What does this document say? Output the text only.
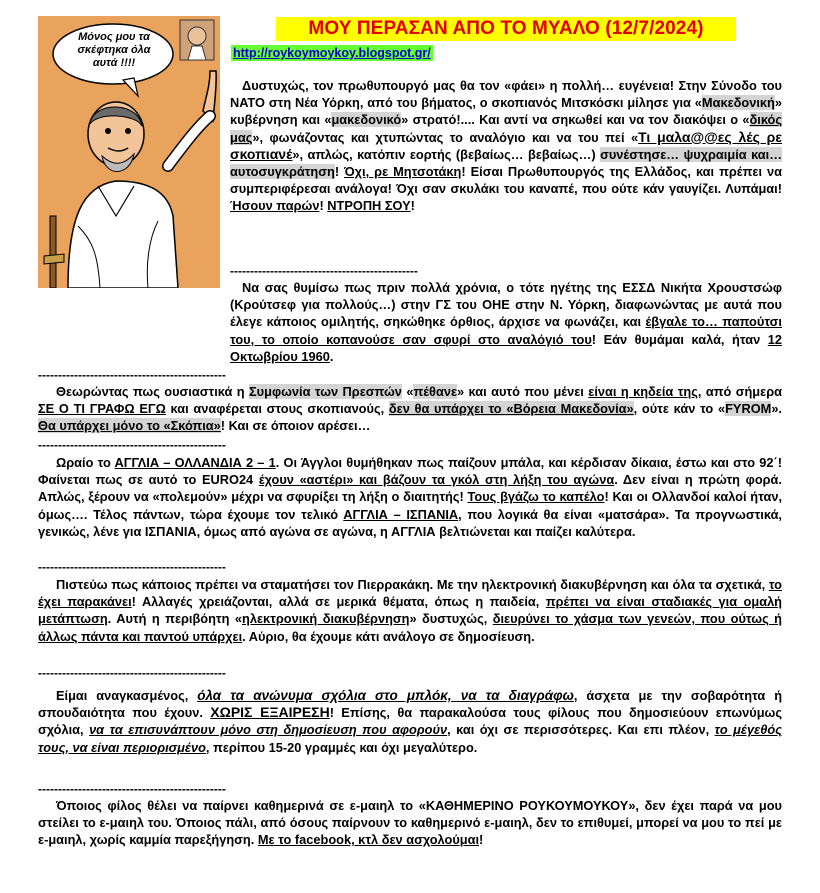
Μόνος μου τα σκέφτηκα όλα αυτά !!!!
ΜΟΥ ΠΕΡΑΣΑΝ ΑΠΟ ΤΟ ΜΥΑΛΟ (12/7/2024)
http://roykoymoykoy.blogspot.gr/
Δυστυχώς, τον πρωθυπουργό μας θα τον «φάει» η πολλή… ευγένεια! Στην Σύνοδο του ΝΑΤΟ στη Νέα Υόρκη, από του βήματος, ο σκοπιανός Μιτσκόσκι μίλησε για «Μακεδονική» κυβέρνηση και «μακεδονικό» στρατό!.... Και αντί να σηκωθεί και να τον διακόψει ο «δικός μας», φωνάζοντας και χτυπώντας το αναλόγιο και να του πεί «Τι μαλα@@ες λές ρε σκοπιανέ», απλώς, κατόπιν εορτής (βεβαίως… βεβαίως…) συνέστησε… ψυχραιμία και… αυτοσυγκράτηση! Όχι, ρε Μητσοτάκη! Είσαι Πρωθυπουργός της Ελλάδος, και πρέπει να συμπεριφέρεσαι ανάλογα! Όχι σαν σκυλάκι του καναπέ, που ούτε κάν γαυγίζει. Λυπάμαι! Ήσουν παρών! ΝΤΡΟΠΗ ΣΟΥ!
-----------------------------------------------
Να σας θυμίσω πως πριν πολλά χρόνια, ο τότε ηγέτης της ΕΣΣΔ Νικήτα Χρουστσώφ (Κρούτσεφ για πολλούς…) στην ΓΣ του ΟΗΕ στην Ν. Υόρκη, διαφωνώντας με αυτά που έλεγε κάποιος ομιλητής, σηκώθηκε όρθιος, άρχισε να φωνάζει, και έβγαλε το… παπούτσι του, το οποίο κοπανούσε σαν σφυρί στο αναλόγιό του! Εάν θυμάμαι καλά, ήταν 12 Οκτωβρίου 1960.
-----------------------------------------------
Θεωρώντας πως ουσιαστικά η Συμφωνία των Πρεσπών «πέθανε» και αυτό που μένει είναι η κηδεία της, από σήμερα ΣΕ Ο ΤΙ ΓΡΑΦΩ ΕΓΩ και αναφέρεται στους σκοπιανούς, δεν θα υπάρχει το «Βόρεια Μακεδονία», ούτε κάν το «FYROM». Θα υπάρχει μόνο το «Σκόπια»! Και σε όποιον αρέσει…
-----------------------------------------------
Ωραίο το ΑΓΓΛΙΑ – ΟΛΛΑΝΔΙΑ 2 – 1. Οι Άγγλοι θυμήθηκαν πως παίζουν μπάλα, και κέρδισαν δίκαια, έστω και στο 92΄! Φαίνεται πως σε αυτό το EURO24 έχουν «αστέρι» και βάζουν τα γκόλ στη λήξη του αγώνα. Δεν είναι η πρώτη φορά. Απλώς, ξέρουν να «πολεμούν» μέχρι να σφυρίξει τη λήξη ο διαιτητής! Τους βγάζω το καπέλο! Και οι Ολλανδοί καλοί ήταν, όμως…. Τέλος πάντων, τώρα έχουμε τον τελικό ΑΓΓΛΙΑ – ΙΣΠΑΝΙΑ, που λογικά θα είναι «ματσάρα». Τα προγνωστικά, γενικώς, λένε για ΙΣΠΑΝΙΑ, όμως από αγώνα σε αγώνα, η ΑΓΓΛΙΑ βελτιώνεται και παίζει καλύτερα.
-----------------------------------------------
Πιστεύω πως κάποιος πρέπει να σταματήσει τον Πιερρακάκη. Με την ηλεκτρονική διακυβέρνηση και όλα τα σχετικά, το έχει παρακάνει! Αλλαγές χρειάζονται, αλλά σε μερικά θέματα, όπως η παιδεία, πρέπει να είναι σταδιακές για ομαλή μετάπτωση. Αυτή η περιβόητη «ηλεκτρονική διακυβέρνηση» δυστυχώς, διευρύνει το χάσμα των γενεών, που ούτως ή άλλως πάντα και παντού υπάρχει. Αύριο, θα έχουμε κάτι ανάλογο σε δημοσίευση.
-----------------------------------------------
Είμαι αναγκασμένος, όλα τα ανώνυμα σχόλια στο μπλόκ, να τα διαγράφω, άσχετα με την σοβαρότητα ή σπουδαιότητα που έχουν. ΧΩΡΙΣ ΕΞΑΙΡΕΣΗ! Επίσης, θα παρακαλούσα τους φίλους που δημοσιεύουν επωνύμως σχόλια, να τα επισυνάπτουν μόνο στη δημοσίευση που αφορούν, και όχι σε περισσότερες. Και επι πλέον, το μέγεθός τους, να είναι περιορισμένο, περίπου 15-20 γραμμές και όχι μεγαλύτερο.
-----------------------------------------------
Όποιος φίλος θέλει να παίρνει καθημερινά σε ε-μαιηλ το «ΚΑΘΗΜΕΡΙΝΟ ΡΟΥΚΟΥΜΟΥΚΟΥ», δεν έχει παρά να μου στείλει το ε-μαιηλ του. Όποιος πάλι, από όσους παίρνουν το καθημερινό ε-μαιηλ, δεν το επιθυμεί, μπορεί να μου το πεί με ε-μαιηλ, χωρίς καμμία παρεξήγηση. Με το facebook, κτλ δεν ασχολούμαι!
